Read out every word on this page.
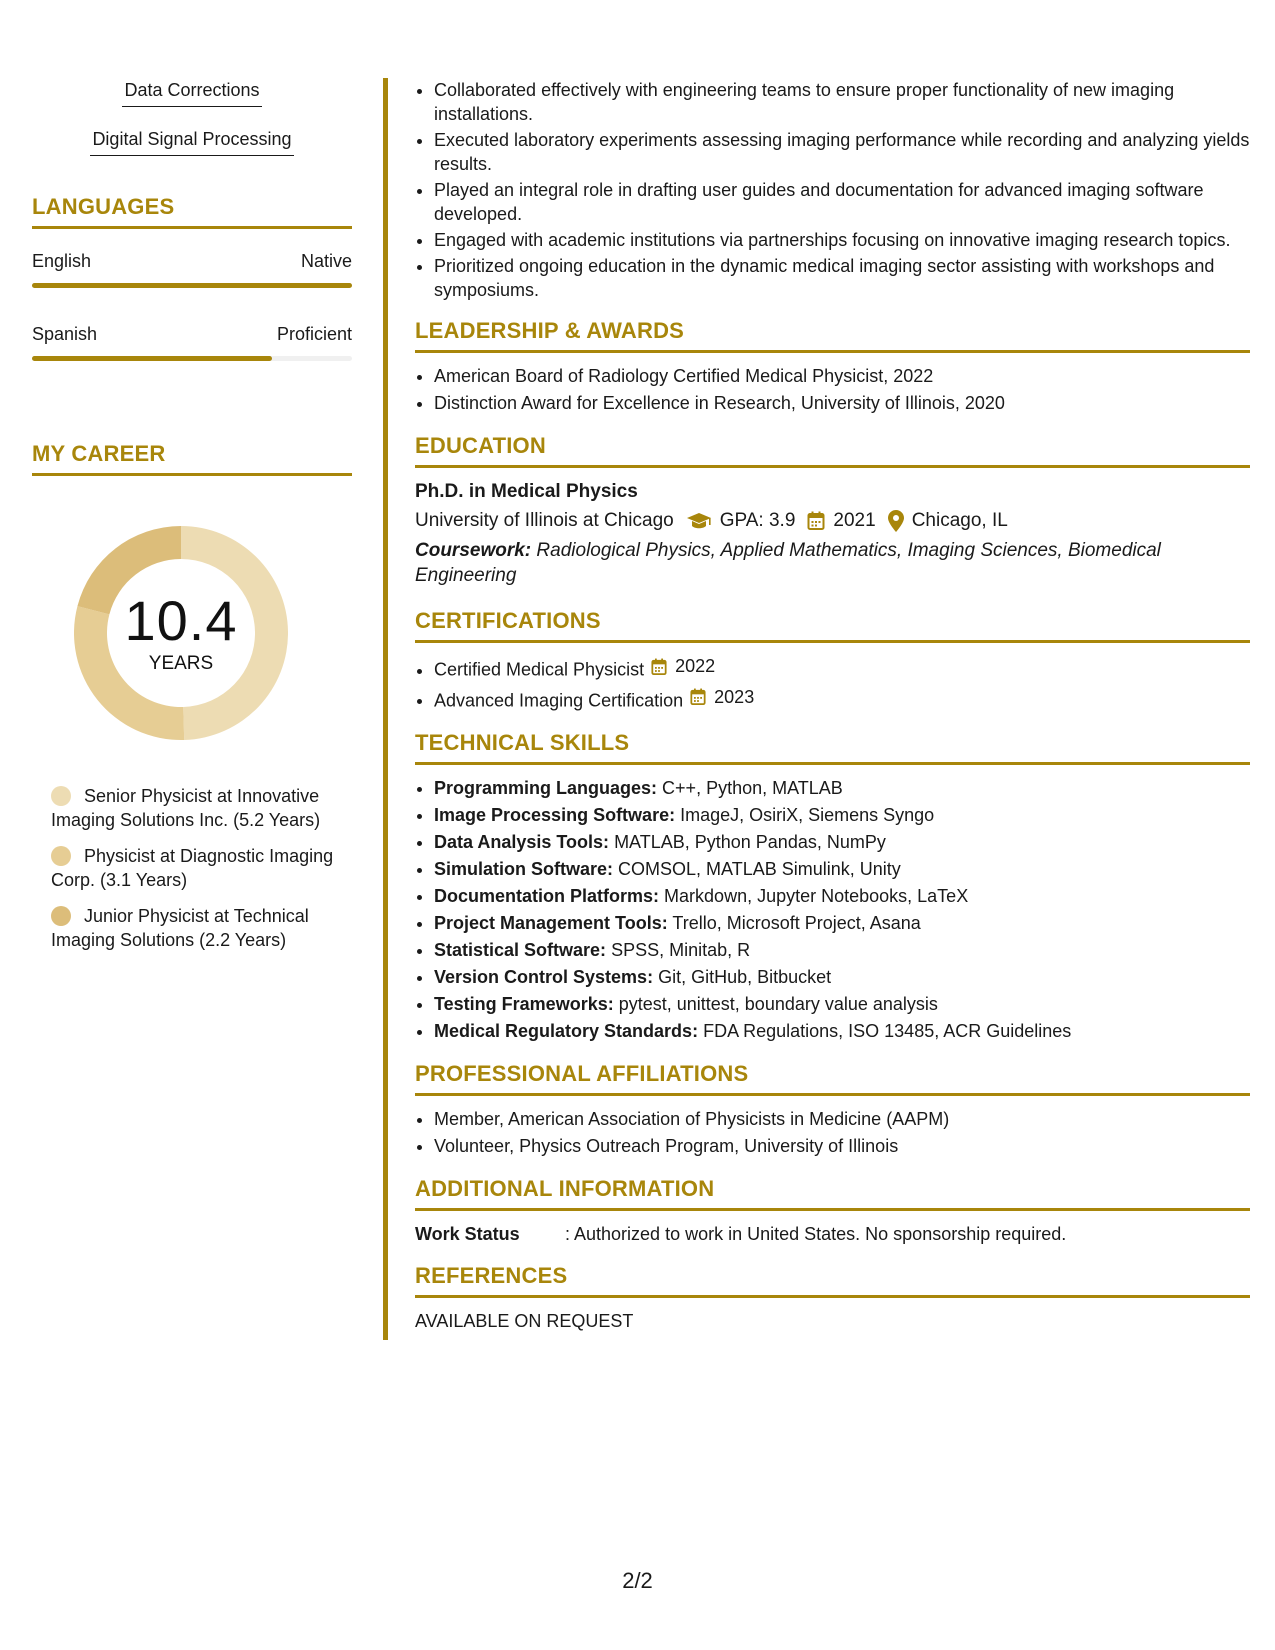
Data Corrections
Digital Signal Processing
LANGUAGES
English	Native
Spanish	Proficient
MY CAREER
10.4
YEARS
Senior Physicist at Innovative Imaging Solutions Inc. (5.2 Years)
Physicist at Diagnostic Imaging Corp. (3.1 Years)
Junior Physicist at Technical Imaging Solutions (2.2 Years)
• Collaborated effectively with engineering teams to ensure proper functionality of new imaging installations.
• Executed laboratory experiments assessing imaging performance while recording and analyzing yields results.
• Played an integral role in drafting user guides and documentation for advanced imaging software developed.
• Engaged with academic institutions via partnerships focusing on innovative imaging research topics.
• Prioritized ongoing education in the dynamic medical imaging sector assisting with workshops and symposiums.
LEADERSHIP & AWARDS
• American Board of Radiology Certified Medical Physicist, 2022
• Distinction Award for Excellence in Research, University of Illinois, 2020
EDUCATION
Ph.D. in Medical Physics
University of Illinois at Chicago GPA: 3.9 2021 Chicago, IL
Coursework: Radiological Physics, Applied Mathematics, Imaging Sciences, Biomedical Engineering
CERTIFICATIONS
• Certified Medical Physicist 2022
• Advanced Imaging Certification 2023
TECHNICAL SKILLS
• Programming Languages: C++, Python, MATLAB
• Image Processing Software: ImageJ, OsiriX, Siemens Syngo
• Data Analysis Tools: MATLAB, Python Pandas, NumPy
• Simulation Software: COMSOL, MATLAB Simulink, Unity
• Documentation Platforms: Markdown, Jupyter Notebooks, LaTeX
• Project Management Tools: Trello, Microsoft Project, Asana
• Statistical Software: SPSS, Minitab, R
• Version Control Systems: Git, GitHub, Bitbucket
• Testing Frameworks: pytest, unittest, boundary value analysis
• Medical Regulatory Standards: FDA Regulations, ISO 13485, ACR Guidelines
PROFESSIONAL AFFILIATIONS
• Member, American Association of Physicists in Medicine (AAPM)
• Volunteer, Physics Outreach Program, University of Illinois
ADDITIONAL INFORMATION
Work Status	: Authorized to work in United States. No sponsorship required.
REFERENCES
AVAILABLE ON REQUEST
2/2
